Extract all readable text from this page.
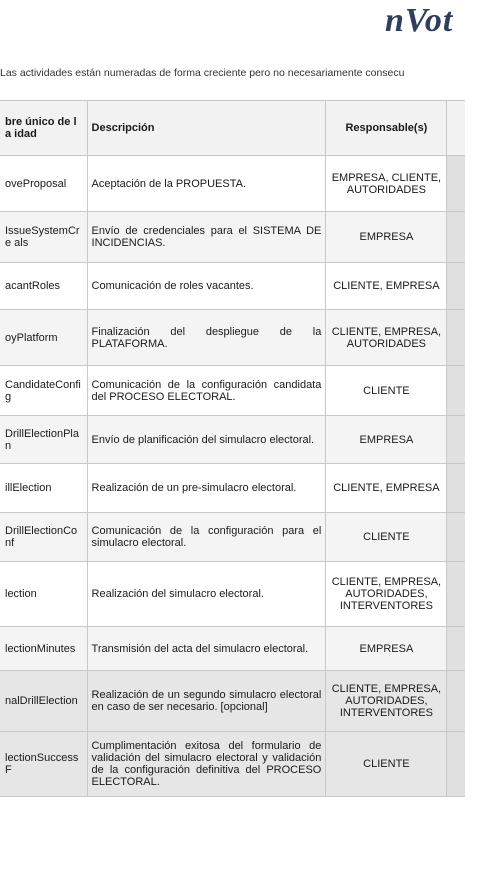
nVot
Las actividades están numeradas de forma creciente pero no necesariamente consecu
bre único de la idad	Descripción	Responsable(s)	

oveProposal	Aceptación de la PROPUESTA.	EMPRESA, CLIENTE, AUTORIDADES	

IssueSystemCre als	Envío de credenciales para el SISTEMA DE INCIDENCIAS.	EMPRESA	

acantRoles	Comunicación de roles vacantes.	CLIENTE, EMPRESA	

oyPlatform	Finalización del despliegue de la PLATAFORMA.	CLIENTE, EMPRESA, AUTORIDADES	

CandidateConfig	Comunicación de la configuración candidata del PROCESO ELECTORAL.	CLIENTE	

DrillElectionPlan	Envío de planificación del simulacro electoral.	EMPRESA	

illElection	Realización de un pre-simulacro electoral.	CLIENTE, EMPRESA	

DrillElectionConf	Comunicación de la configuración para el simulacro electoral.	CLIENTE	

lection	Realización del simulacro electoral.	CLIENTE, EMPRESA, AUTORIDADES, INTERVENTORES	

lectionMinutes	Transmisión del acta del simulacro electoral.	EMPRESA	

nalDrillElection	Realización de un segundo simulacro electoral en caso de ser necesario. [opcional]	CLIENTE, EMPRESA, AUTORIDADES, INTERVENTORES	

lectionSuccessF	Cumplimentación exitosa del formulario de validación del simulacro electoral y validación de la configuración definitiva del PROCESO ELECTORAL.	CLIENTE	
